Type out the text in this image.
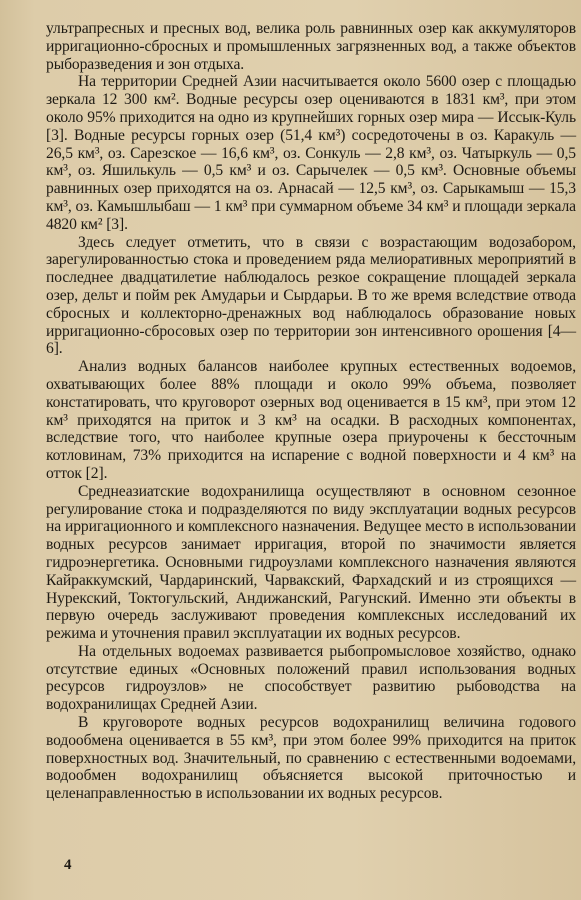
ультрапресных и пресных вод, велика роль равнинных озер как аккумуляторов ирригационно-сбросных и промышленных загрязненных вод, а также объектов рыборазведения и зон отдыха.

На территории Средней Азии насчитывается около 5600 озер с площадью зеркала 12 300 км². Водные ресурсы озер оцениваются в 1831 км³, при этом около 95% приходится на одно из крупнейших горных озер мира — Иссык-Куль [3]. Водные ресурсы горных озер (51,4 км³) сосредоточены в оз. Каракуль — 26,5 км³, оз. Сарезское — 16,6 км³, оз. Сонкуль — 2,8 км³, оз. Чатыркуль — 0,5 км³, оз. Яшилькуль — 0,5 км³ и оз. Сарычелек — 0,5 км³. Основные объемы равнинных озер приходятся на оз. Арнасай — 12,5 км³, оз. Сарыкамыш — 15,3 км³, оз. Камышлыбаш — 1 км³ при суммарном объеме 34 км³ и площади зеркала 4820 км² [3].

Здесь следует отметить, что в связи с возрастающим водозабором, зарегулированностью стока и проведением ряда мелиоративных мероприятий в последнее двадцатилетие наблюдалось резкое сокращение площадей зеркала озер, дельт и пойм рек Амударьи и Сырдарьи. В то же время вследствие отвода сбросных и коллекторно-дренажных вод наблюдалось образование новых ирригационно-сбросовых озер по территории зон интенсивного орошения [4—6].

Анализ водных балансов наиболее крупных естественных водоемов, охватывающих более 88% площади и около 99% объема, позволяет констатировать, что круговорот озерных вод оценивается в 15 км³, при этом 12 км³ приходятся на приток и 3 км³ на осадки. В расходных компонентах, вследствие того, что наиболее крупные озера приурочены к бессточным котловинам, 73% приходится на испарение с водной поверхности и 4 км³ на отток [2].

Среднеазиатские водохранилища осуществляют в основном сезонное регулирование стока и подразделяются по виду эксплуатации водных ресурсов на ирригационного и комплексного назначения. Ведущее место в использовании водных ресурсов занимает ирригация, второй по значимости является гидроэнергетика. Основными гидроузлами комплексного назначения являются Кайраккумский, Чардаринский, Чарвакский, Фархадский и из строящихся — Нурекский, Токтогульский, Андижанский, Рагунский. Именно эти объекты в первую очередь заслуживают проведения комплексных исследований их режима и уточнения правил эксплуатации их водных ресурсов.

На отдельных водоемах развивается рыбопромысловое хозяйство, однако отсутствие единых «Основных положений правил использования водных ресурсов гидроузлов» не способствует развитию рыбоводства на водохранилищах Средней Азии.

В круговороте водных ресурсов водохранилищ величина годового водообмена оценивается в 55 км³, при этом более 99% приходится на приток поверхностных вод. Значительный, по сравнению с естественными водоемами, водообмен водохранилищ объясняется высокой приточностью и целенаправленностью в использовании их водных ресурсов.

4
